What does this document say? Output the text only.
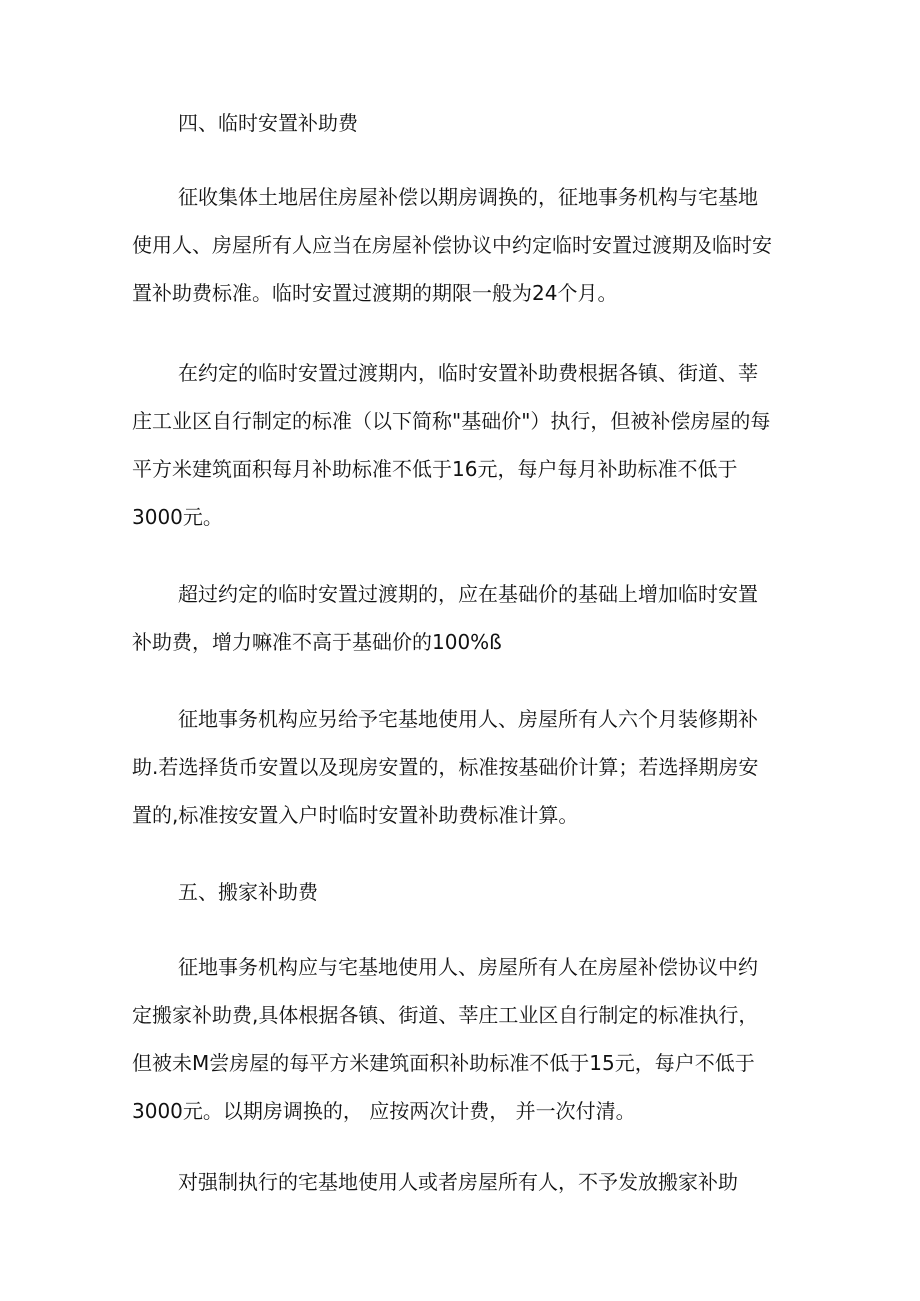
四、临时安置补助费

征收集体土地居住房屋补偿以期房调换的，征地事务机构与宅基地
使用人、房屋所有人应当在房屋补偿协议中约定临时安置过渡期及临时安
置补助费标准。临时安置过渡期的期限一般为24个月。

在约定的临时安置过渡期内，临时安置补助费根据各镇、街道、莘
庄工业区自行制定的标准（以下简称"基础价"）执行，但被补偿房屋的每
平方米建筑面积每月补助标准不低于16元，每户每月补助标准不低于
3000元。

超过约定的临时安置过渡期的，应在基础价的基础上增加临时安置
补助费，增力嘛准不高于基础价的100%ß

征地事务机构应另给予宅基地使用人、房屋所有人六个月装修期补
助.若选择货币安置以及现房安置的，标准按基础价计算；若选择期房安
置的,标准按安置入户时临时安置补助费标准计算。

五、搬家补助费

征地事务机构应与宅基地使用人、房屋所有人在房屋补偿协议中约
定搬家补助费,具体根据各镇、街道、莘庄工业区自行制定的标准执行，
但被未M尝房屋的每平方米建筑面积补助标准不低于15元，每户不低于
3000元。以期房调换的， 应按两次计费， 并一次付清。

对强制执行的宅基地使用人或者房屋所有人，不予发放搬家补助
